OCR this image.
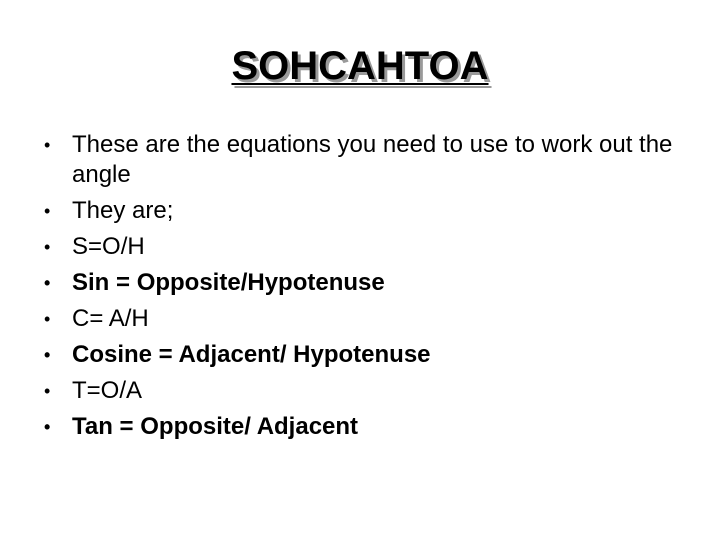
SOHCAHTOA
• These are the equations you need to use to work out the angle
• They are;
• S=O/H
• Sin = Opposite/Hypotenuse
• C= A/H
• Cosine = Adjacent/ Hypotenuse
• T=O/A
• Tan = Opposite/ Adjacent
